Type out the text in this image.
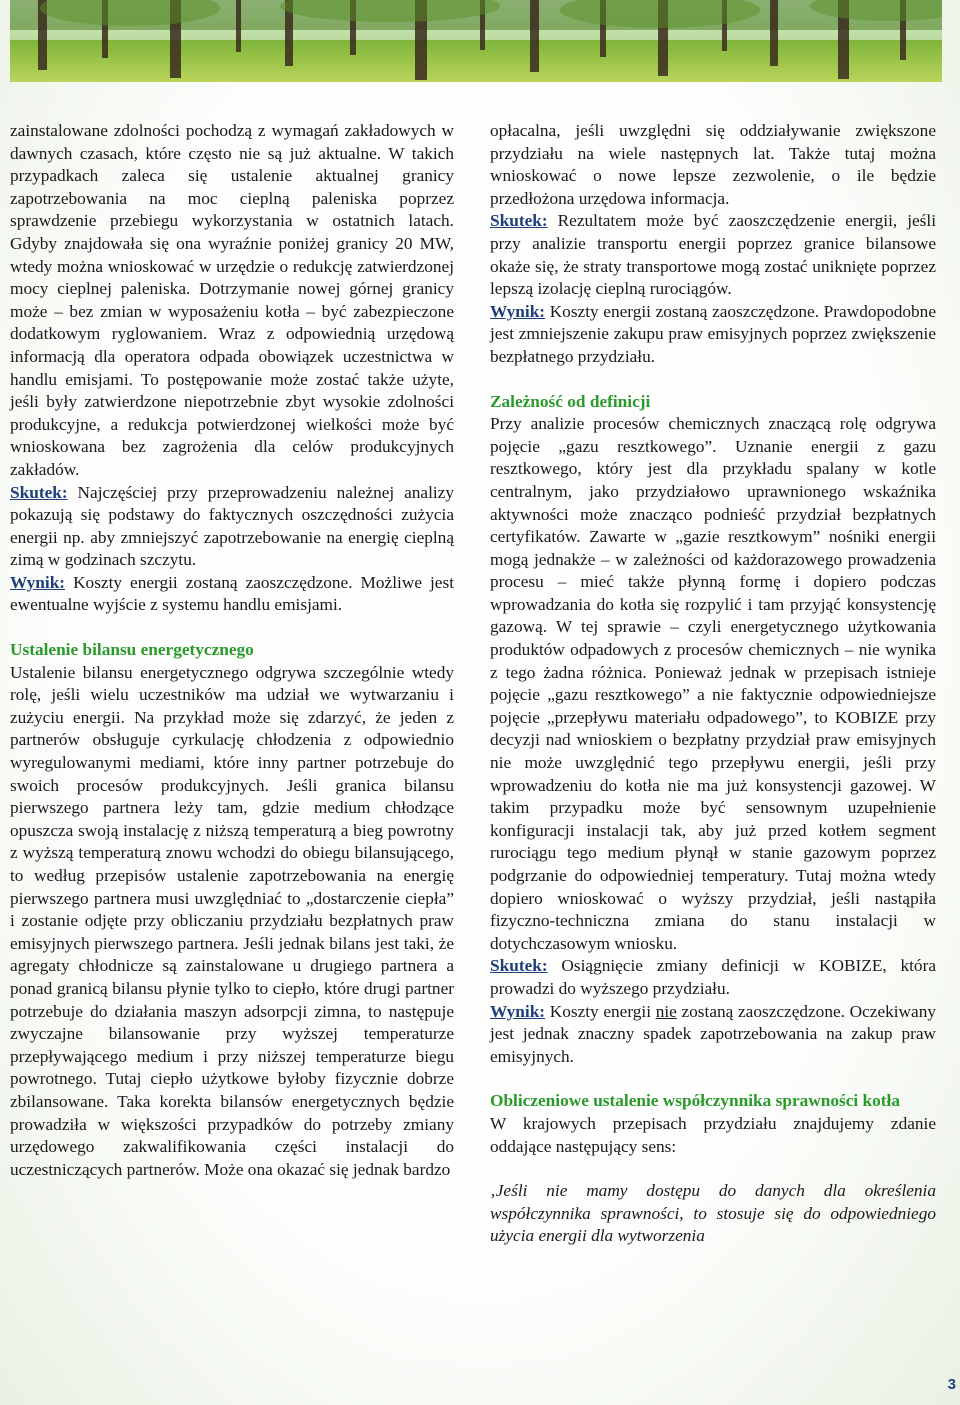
zainstalowane zdolności pochodzą z wymagań zakładowych w dawnych czasach, które często nie są już aktualne. W takich przypadkach zaleca się ustalenie aktualnej granicy zapotrzebowania na moc cieplną paleniska poprzez sprawdzenie przebiegu wykorzystania w ostatnich latach. Gdyby znajdowała się ona wyraźnie poniżej granicy 20 MW, wtedy można wnioskować w urzędzie o redukcję zatwierdzonej mocy cieplnej paleniska. Dotrzymanie nowej górnej granicy może – bez zmian w wyposażeniu kotła – być zabezpieczone dodatkowym ryglowaniem. Wraz z odpowiednią urzędową informacją dla operatora odpada obowiązek uczestnictwa w handlu emisjami. To postępowanie może zostać także użyte, jeśli były zatwierdzone niepotrzebnie zbyt wysokie zdolności produkcyjne, a redukcja potwierdzonej wielkości może być wnioskowana bez zagrożenia dla celów produkcyjnych zakładów.

Skutek: Najczęściej przy przeprowadzeniu należnej analizy pokazują się podstawy do faktycznych oszczędności zużycia energii np. aby zmniejszyć zapotrzebowanie na energię cieplną zimą w godzinach szczytu.

Wynik: Koszty energii zostaną zaoszczędzone. Możliwe jest ewentualne wyjście z systemu handlu emisjami.

Ustalenie bilansu energetycznego

Ustalenie bilansu energetycznego odgrywa szczególnie wtedy rolę, jeśli wielu uczestników ma udział we wytwarzaniu i zużyciu energii. Na przykład może się zdarzyć, że jeden z partnerów obsługuje cyrkulację chłodzenia z odpowiednio wyregulowanymi mediami, które inny partner potrzebuje do swoich procesów produkcyjnych. Jeśli granica bilansu pierwszego partnera leży tam, gdzie medium chłodzące opuszcza swoją instalację z niższą temperaturą a bieg powrotny z wyższą temperaturą znowu wchodzi do obiegu bilansującego, to według przepisów ustalenie zapotrzebowania na energię pierwszego partnera musi uwzględniać to „dostarczenie ciepła” i zostanie odjęte przy obliczaniu przydziału bezpłatnych praw emisyjnych pierwszego partnera. Jeśli jednak bilans jest taki, że agregaty chłodnicze są zainstalowane u drugiego partnera a ponad granicą bilansu płynie tylko to ciepło, które drugi partner potrzebuje do działania maszyn adsorpcji zimna, to następuje zwyczajne bilansowanie przy wyższej temperaturze przepływającego medium i przy niższej temperaturze biegu powrotnego. Tutaj ciepło użytkowe byłoby fizycznie dobrze zbilansowane. Taka korekta bilansów energetycznych będzie prowadziła w większości przypadków do potrzeby zmiany urzędowego zakwalifikowania części instalacji do uczestniczących partnerów. Może ona okazać się jednak bardzo

opłacalna, jeśli uwzględni się oddziaływanie zwiększone przydziału na wiele następnych lat. Także tutaj można wnioskować o nowe lepsze zezwolenie, o ile będzie przedłożona urzędowa informacja.

Skutek: Rezultatem może być zaoszczędzenie energii, jeśli przy analizie transportu energii poprzez granice bilansowe okaże się, że straty transportowe mogą zostać uniknięte poprzez lepszą izolację cieplną rurociągów.

Wynik: Koszty energii zostaną zaoszczędzone. Prawdopodobne jest zmniejszenie zakupu praw emisyjnych poprzez zwiększenie bezpłatnego przydziału.

Zależność od definicji

Przy analizie procesów chemicznych znaczącą rolę odgrywa pojęcie „gazu resztkowego”. Uznanie energii z gazu resztkowego, który jest dla przykładu spalany w kotle centralnym, jako przydziałowo uprawnionego wskaźnika aktywności może znacząco podnieść przydział bezpłatnych certyfikatów. Zawarte w „gazie resztkowym” nośniki energii mogą jednakże – w zależności od każdorazowego prowadzenia procesu – mieć także płynną formę i dopiero podczas wprowadzania do kotła się rozpylić i tam przyjąć konsystencję gazową. W tej sprawie – czyli energetycznego użytkowania produktów odpadowych z procesów chemicznych – nie wynika z tego żadna różnica. Ponieważ jednak w przepisach istnieje pojęcie „gazu resztkowego” a nie faktycznie odpowiedniejsze pojęcie „przepływu materiału odpadowego”, to KOBIZE przy decyzji nad wnioskiem o bezpłatny przydział praw emisyjnych nie może uwzględnić tego przepływu energii, jeśli przy wprowadzeniu do kotła nie ma już konsystencji gazowej. W takim przypadku może być sensownym uzupełnienie konfiguracji instalacji tak, aby już przed kotłem segment rurociągu tego medium płynął w stanie gazowym poprzez podgrzanie do odpowiedniej temperatury. Tutaj można wtedy dopiero wnioskować o wyższy przydział, jeśli nastąpiła fizyczno-techniczna zmiana do stanu instalacji w dotychczasowym wniosku.

Skutek: Osiągnięcie zmiany definicji w KOBIZE, która prowadzi do wyższego przydziału.

Wynik: Koszty energii nie zostaną zaoszczędzone. Oczekiwany jest jednak znaczny spadek zapotrzebowania na zakup praw emisyjnych.

Obliczeniowe ustalenie współczynnika sprawności kotła

W krajowych przepisach przydziału znajdujemy zdanie oddające następujący sens:

‚Jeśli nie mamy dostępu do danych dla określenia współczynnika sprawności, to stosuje się do odpowiedniego użycia energii dla wytworzenia

3
